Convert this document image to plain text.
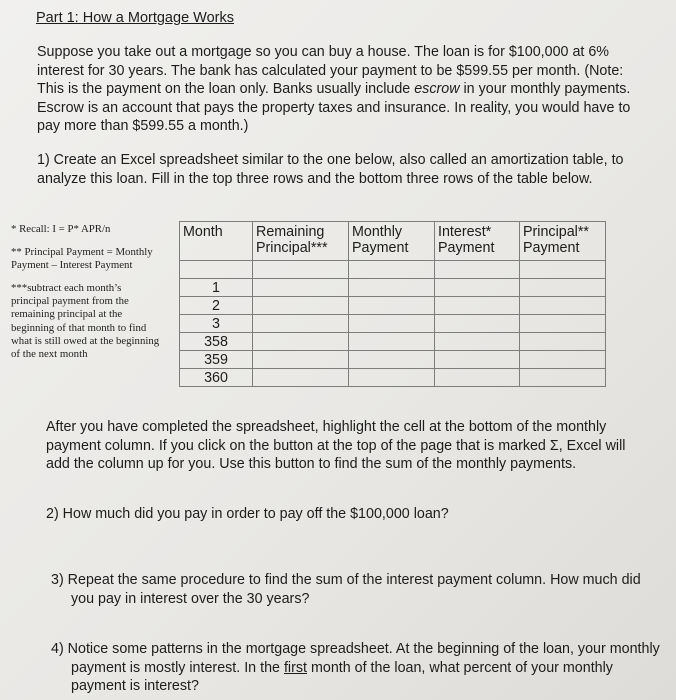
Part 1: How a Mortgage Works

Suppose you take out a mortgage so you can buy a house. The loan is for $100,000 at 6% interest for 30 years. The bank has calculated your payment to be $599.55 per month. (Note: This is the payment on the loan only. Banks usually include escrow in your monthly payments. Escrow is an account that pays the property taxes and insurance. In reality, you would have to pay more than $599.55 a month.)

1) Create an Excel spreadsheet similar to the one below, also called an amortization table, to analyze this loan. Fill in the top three rows and the bottom three rows of the table below.

* Recall: I = P* APR/n

** Principal Payment = Monthly Payment – Interest Payment

***subtract each month’s principal payment from the remaining principal at the beginning of that month to find what is still owed at the beginning of the next month

Month	Remaining Principal***	Monthly Payment	Interest* Payment	Principal** Payment

1				
2				
3				
358				
359				
360				

After you have completed the spreadsheet, highlight the cell at the bottom of the monthly payment column. If you click on the button at the top of the page that is marked Σ, Excel will add the column up for you. Use this button to find the sum of the monthly payments.

2) How much did you pay in order to pay off the $100,000 loan?

3) Repeat the same procedure to find the sum of the interest payment column. How much did you pay in interest over the 30 years?

4) Notice some patterns in the mortgage spreadsheet. At the beginning of the loan, your monthly payment is mostly interest. In the first month of the loan, what percent of your monthly payment is interest?
